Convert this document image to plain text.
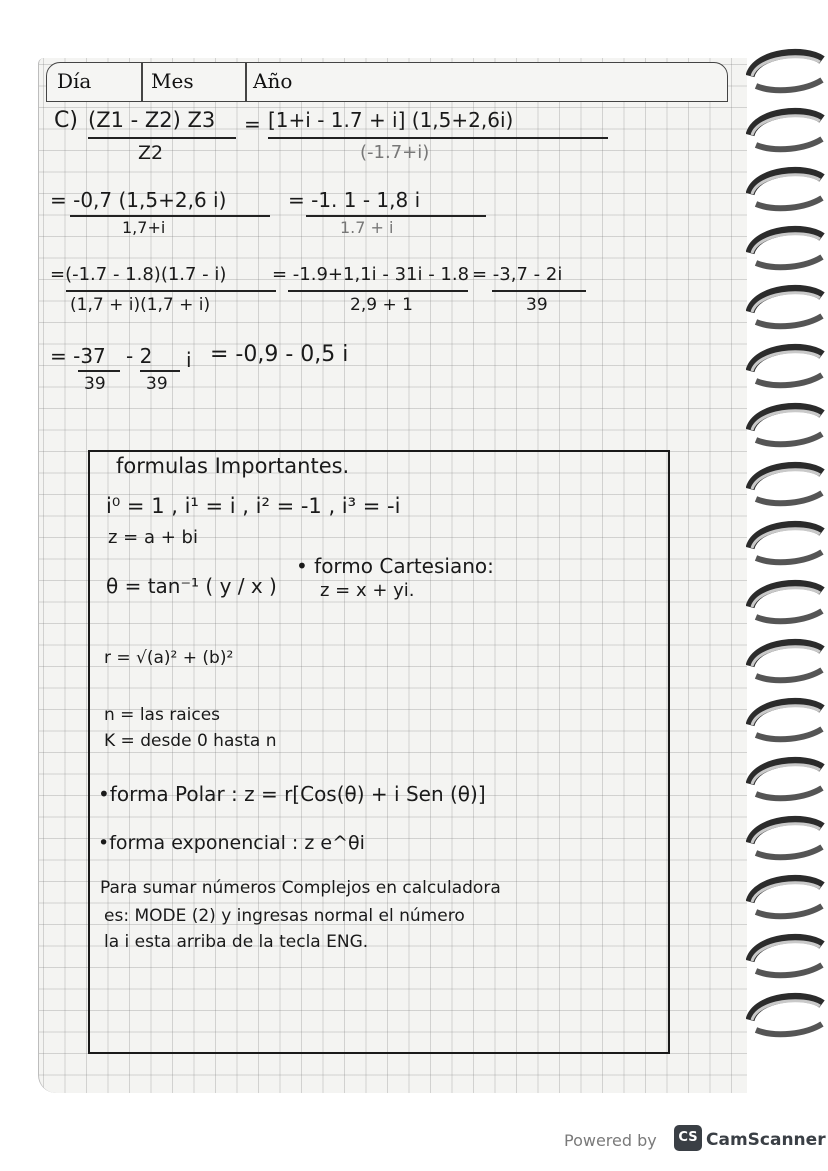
Día	Mes	Año
C) (Z1 - Z2) Z3
Z2
= [1+i - 1.7 + i] (1,5+2,6i)
(-1.7+i)
= -0,7 (1,5+2,6 i)
1,7+i
= -1. 1 - 1,8 i
1.7 + i
=(-1.7 - 1.8)(1.7 - i)
(1,7 + i)(1,7 + i)
= -1.9+1,1i - 31i - 1.8
2,9 + 1
= -3,7 - 2i
39
= -37
39
- 2
39
i = -0,9 - 0,5 i
formulas Importantes.
i⁰ = 1 , i¹ = i , i² = -1 , i³ = -i
z = a + bi
θ = tan⁻¹ ( y / x )
• formo Cartesiano:
z = x + yi.
r = √(a)² + (b)²
n = las raices
K = desde 0 hasta n
•forma Polar : z = r[Cos(θ) + i Sen (θ)]
•forma exponencial : z e^θi
Para sumar números Complejos en calculadora
es: MODE (2) y ingresas normal el número
la i esta arriba de la tecla ENG.
Powered by	CS CamScanner
